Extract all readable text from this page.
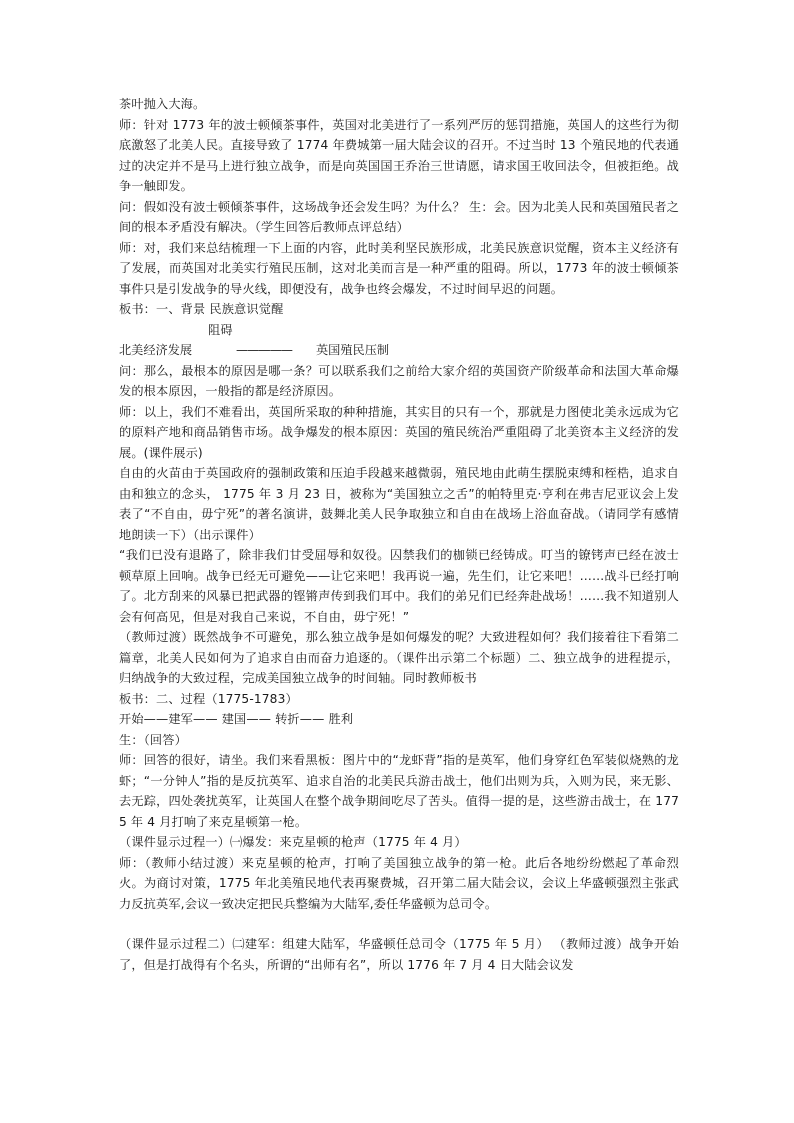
茶叶抛入大海。

师：针对 1773 年的波士顿倾茶事件，英国对北美进行了一系列严厉的惩罚措施，英国人的这些行为彻底激怒了北美人民。直接导致了 1774 年费城第一届大陆会议的召开。不过当时 13 个殖民地的代表通过的决定并不是马上进行独立战争，而是向英国国王乔治三世请愿，请求国王收回法令，但被拒绝。战争一触即发。

问：假如没有波士顿倾茶事件，这场战争还会发生吗？为什么？ 生：会。因为北美人民和英国殖民者之间的根本矛盾没有解决。（学生回答后教师点评总结）

师：对，我们来总结梳理一下上面的内容，此时美利坚民族形成，北美民族意识觉醒，资本主义经济有了发展，而英国对北美实行殖民压制，这对北美而言是一种严重的阻碍。所以，1773 年的波士顿倾茶事件只是引发战争的导火线，即便没有，战争也终会爆发，不过时间早迟的问题。

板书：一、背景 民族意识觉醒

阻碍

北美经济发展	—————	英国殖民压制

问：那么，最根本的原因是哪一条？可以联系我们之前给大家介绍的英国资产阶级革命和法国大革命爆发的根本原因，一般指的都是经济原因。

师：以上，我们不难看出，英国所采取的种种措施，其实目的只有一个，那就是力图使北美永远成为它的原料产地和商品销售市场。战争爆发的根本原因：英国的殖民统治严重阻碍了北美资本主义经济的发展。(课件展示)

自由的火苗由于英国政府的强制政策和压迫手段越来越微弱，殖民地由此萌生摆脱束缚和桎梏，追求自由和独立的念头， 1775 年 3 月 23 日，被称为“美国独立之舌”的帕特里克·亨利在弗吉尼亚议会上发表了“不自由，毋宁死”的著名演讲，鼓舞北美人民争取独立和自由在战场上浴血奋战。（请同学有感情地朗读一下）（出示课件）

“我们已没有退路了，除非我们甘受屈辱和奴役。囚禁我们的枷锁已经铸成。叮当的镣铐声已经在波士顿草原上回响。战争已经无可避免——让它来吧！我再说一遍，先生们，让它来吧！……战斗已经打响了。北方刮来的风暴已把武器的铿锵声传到我们耳中。我们的弟兄们已经奔赴战场！……我不知道别人会有何高见，但是对我自己来说，不自由，毋宁死！”

（教师过渡）既然战争不可避免，那么独立战争是如何爆发的呢？大致进程如何？我们接着往下看第二篇章，北美人民如何为了追求自由而奋力追逐的。（课件出示第二个标题）二、独立战争的进程提示，归纳战争的大致过程，完成美国独立战争的时间轴。同时教师板书

板书：二、过程（1775-1783）

开始——建军—— 建国—— 转折—— 胜利

生：（回答）

师：回答的很好，请坐。我们来看黑板：图片中的“龙虾背”指的是英军，他们身穿红色军装似烧熟的龙虾；“一分钟人”指的是反抗英军、追求自治的北美民兵游击战士，他们出则为兵，入则为民，来无影、去无踪，四处袭扰英军，让英国人在整个战争期间吃尽了苦头。值得一提的是，这些游击战士，在 1775 年 4 月打响了来克星顿第一枪。

（课件显示过程一）㈠爆发：来克星顿的枪声（1775 年 4 月）

师：（教师小结过渡）来克星顿的枪声，打响了美国独立战争的第一枪。此后各地纷纷燃起了革命烈火。为商讨对策，1775 年北美殖民地代表再聚费城，召开第二届大陆会议，会议上华盛顿强烈主张武力反抗英军,会议一致决定把民兵整编为大陆军,委任华盛顿为总司令。

（课件显示过程二）㈡建军：组建大陆军，华盛顿任总司令（1775 年 5 月） （教师过渡）战争开始了，但是打战得有个名头，所谓的“出师有名”，所以 1776 年 7 月 4 日大陆会议发
